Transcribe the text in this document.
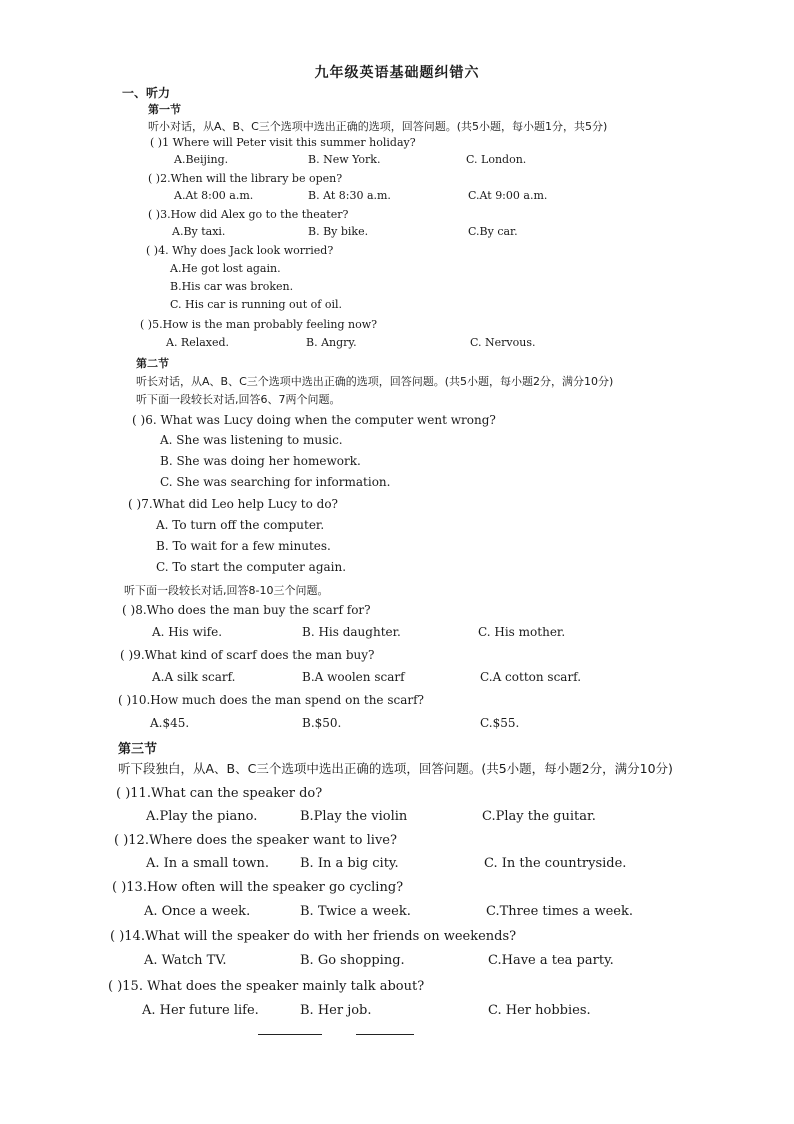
九年级英语基础题纠错六
一、听力
第一节
听小对话，从A、B、C三个选项中选出正确的选项，回答问题。(共5小题，每小题1分，共5分)
( )1 Where will Peter visit this summer holiday?
A.Beijing.	B. New York.	C. London.
( )2.When will the library be open?
A.At 8:00 a.m.	B. At 8:30 a.m.	C.At 9:00 a.m.
( )3.How did Alex go to the theater?
A.By taxi.	B. By bike.	C.By car.
( )4. Why does Jack look worried?
A.He got lost again.
B.His car was broken.
C. His car is running out of oil.
( )5.How is the man probably feeling now?
A. Relaxed.	B. Angry.	C. Nervous.
第二节
听长对话，从A、B、C三个选项中选出正确的选项，回答问题。(共5小题，每小题2分，满分10分)
听下面一段较长对话,回答6、7两个问题。
( )6. What was Lucy doing when the computer went wrong?
A. She was listening to music.
B. She was doing her homework.
C. She was searching for information.
( )7.What did Leo help Lucy to do?
A. To turn off the computer.
B. To wait for a few minutes.
C. To start the computer again.
听下面一段较长对话,回答8-10三个问题。
( )8.Who does the man buy the scarf for?
A. His wife.	B. His daughter.	C. His mother.
( )9.What kind of scarf does the man buy?
A.A silk scarf.	B.A woolen scarf	C.A cotton scarf.
( )10.How much does the man spend on the scarf?
A.$45.	B.$50.	C.$55.
第三节
听下段独白，从A、B、C三个选项中选出正确的选项，回答问题。(共5小题，每小题2分，满分10分)
( )11.What can the speaker do?
A.Play the piano.	B.Play the violin	C.Play the guitar.
( )12.Where does the speaker want to live?
A. In a small town. B. In a big city.	C. In the countryside.
( )13.How often will the speaker go cycling?
A. Once a week.	B. Twice a week.	C.Three times a week.
( )14.What will the speaker do with her friends on weekends?
A. Watch TV.	B. Go shopping.	C.Have a tea party.
( )15. What does the speaker mainly talk about?
A. Her future life.	B. Her job.	C. Her hobbies.
